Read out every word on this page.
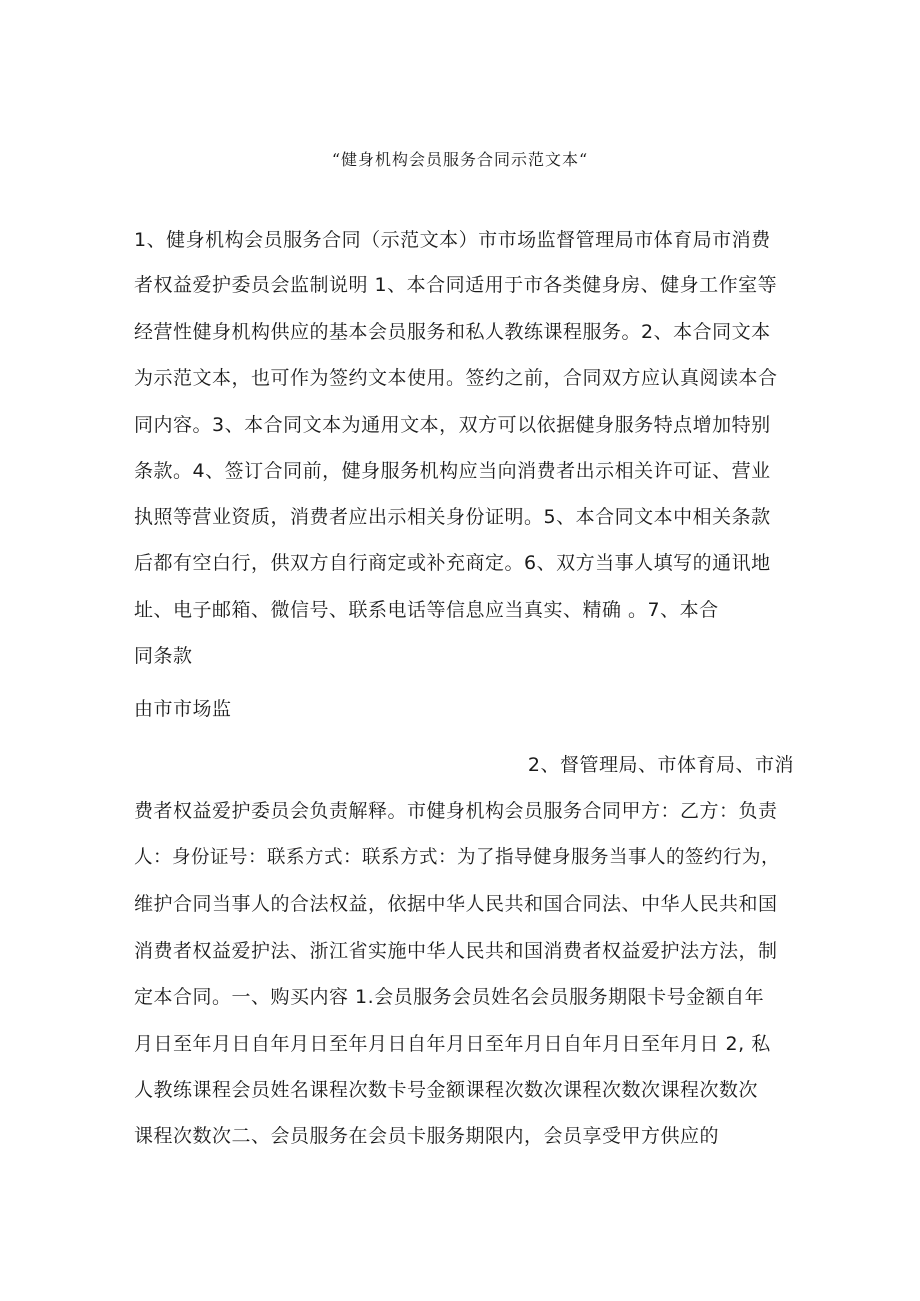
“健身机构会员服务合同示范文本“
1、健身机构会员服务合同（示范文本）市市场监督管理局市体育局市消费
者权益爱护委员会监制说明 1、本合同适用于市各类健身房、健身工作室等
经营性健身机构供应的基本会员服务和私人教练课程服务。2、本合同文本
为示范文本，也可作为签约文本使用。签约之前，合同双方应认真阅读本合
同内容。3、本合同文本为通用文本，双方可以依据健身服务特点增加特别
条款。4、签订合同前，健身服务机构应当向消费者出示相关许可证、营业
执照等营业资质，消费者应出示相关身份证明。5、本合同文本中相关条款
后都有空白行，供双方自行商定或补充商定。6、双方当事人填写的通讯地
址、电子邮箱、微信号、联系电话等信息应当真实、精确 。7、本合
同条款
由市市场监
2、督管理局、市体育局、市消
费者权益爱护委员会负责解释。市健身机构会员服务合同甲方：乙方：负责
人：身份证号：联系方式：联系方式：为了指导健身服务当事人的签约行为，
维护合同当事人的合法权益，依据中华人民共和国合同法、中华人民共和国
消费者权益爱护法、浙江省实施中华人民共和国消费者权益爱护法方法，制
定本合同。一、购买内容 1.会员服务会员姓名会员服务期限卡号金额自年
月日至年月日自年月日至年月日自年月日至年月日自年月日至年月日 2, 私
人教练课程会员姓名课程次数卡号金额课程次数次课程次数次课程次数次
课程次数次二、会员服务在会员卡服务期限内，会员享受甲方供应的
